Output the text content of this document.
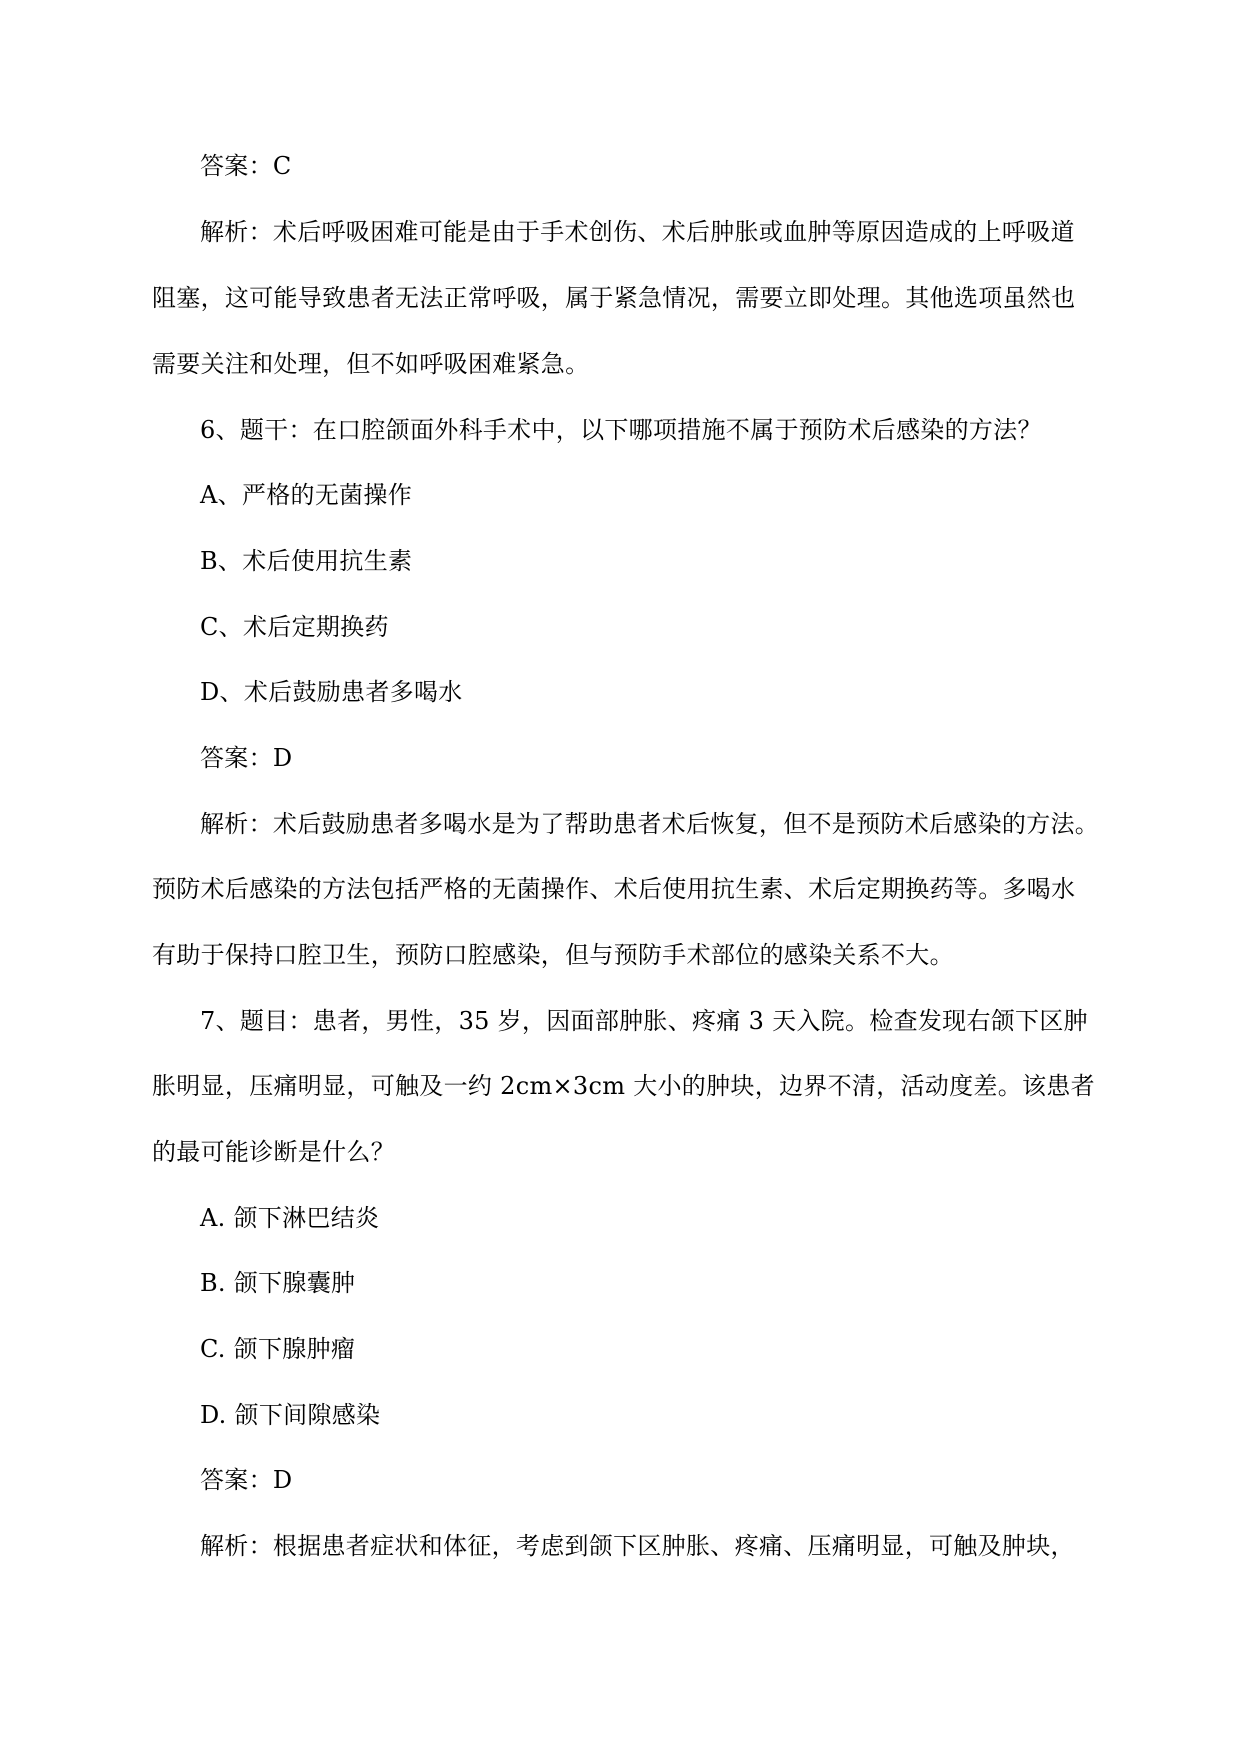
答案：C
解析：术后呼吸困难可能是由于手术创伤、术后肿胀或血肿等原因造成的上呼吸道
阻塞，这可能导致患者无法正常呼吸，属于紧急情况，需要立即处理。其他选项虽然也
需要关注和处理，但不如呼吸困难紧急。
6、题干：在口腔颌面外科手术中，以下哪项措施不属于预防术后感染的方法？
A、严格的无菌操作
B、术后使用抗生素
C、术后定期换药
D、术后鼓励患者多喝水
答案：D
解析：术后鼓励患者多喝水是为了帮助患者术后恢复，但不是预防术后感染的方法。
预防术后感染的方法包括严格的无菌操作、术后使用抗生素、术后定期换药等。多喝水
有助于保持口腔卫生，预防口腔感染，但与预防手术部位的感染关系不大。
7、题目：患者，男性，35 岁，因面部肿胀、疼痛 3 天入院。检查发现右颌下区肿
胀明显，压痛明显，可触及一约 2cm×3cm 大小的肿块，边界不清，活动度差。该患者
的最可能诊断是什么？
A. 颌下淋巴结炎
B. 颌下腺囊肿
C. 颌下腺肿瘤
D. 颌下间隙感染
答案：D
解析：根据患者症状和体征，考虑到颌下区肿胀、疼痛、压痛明显，可触及肿块，
